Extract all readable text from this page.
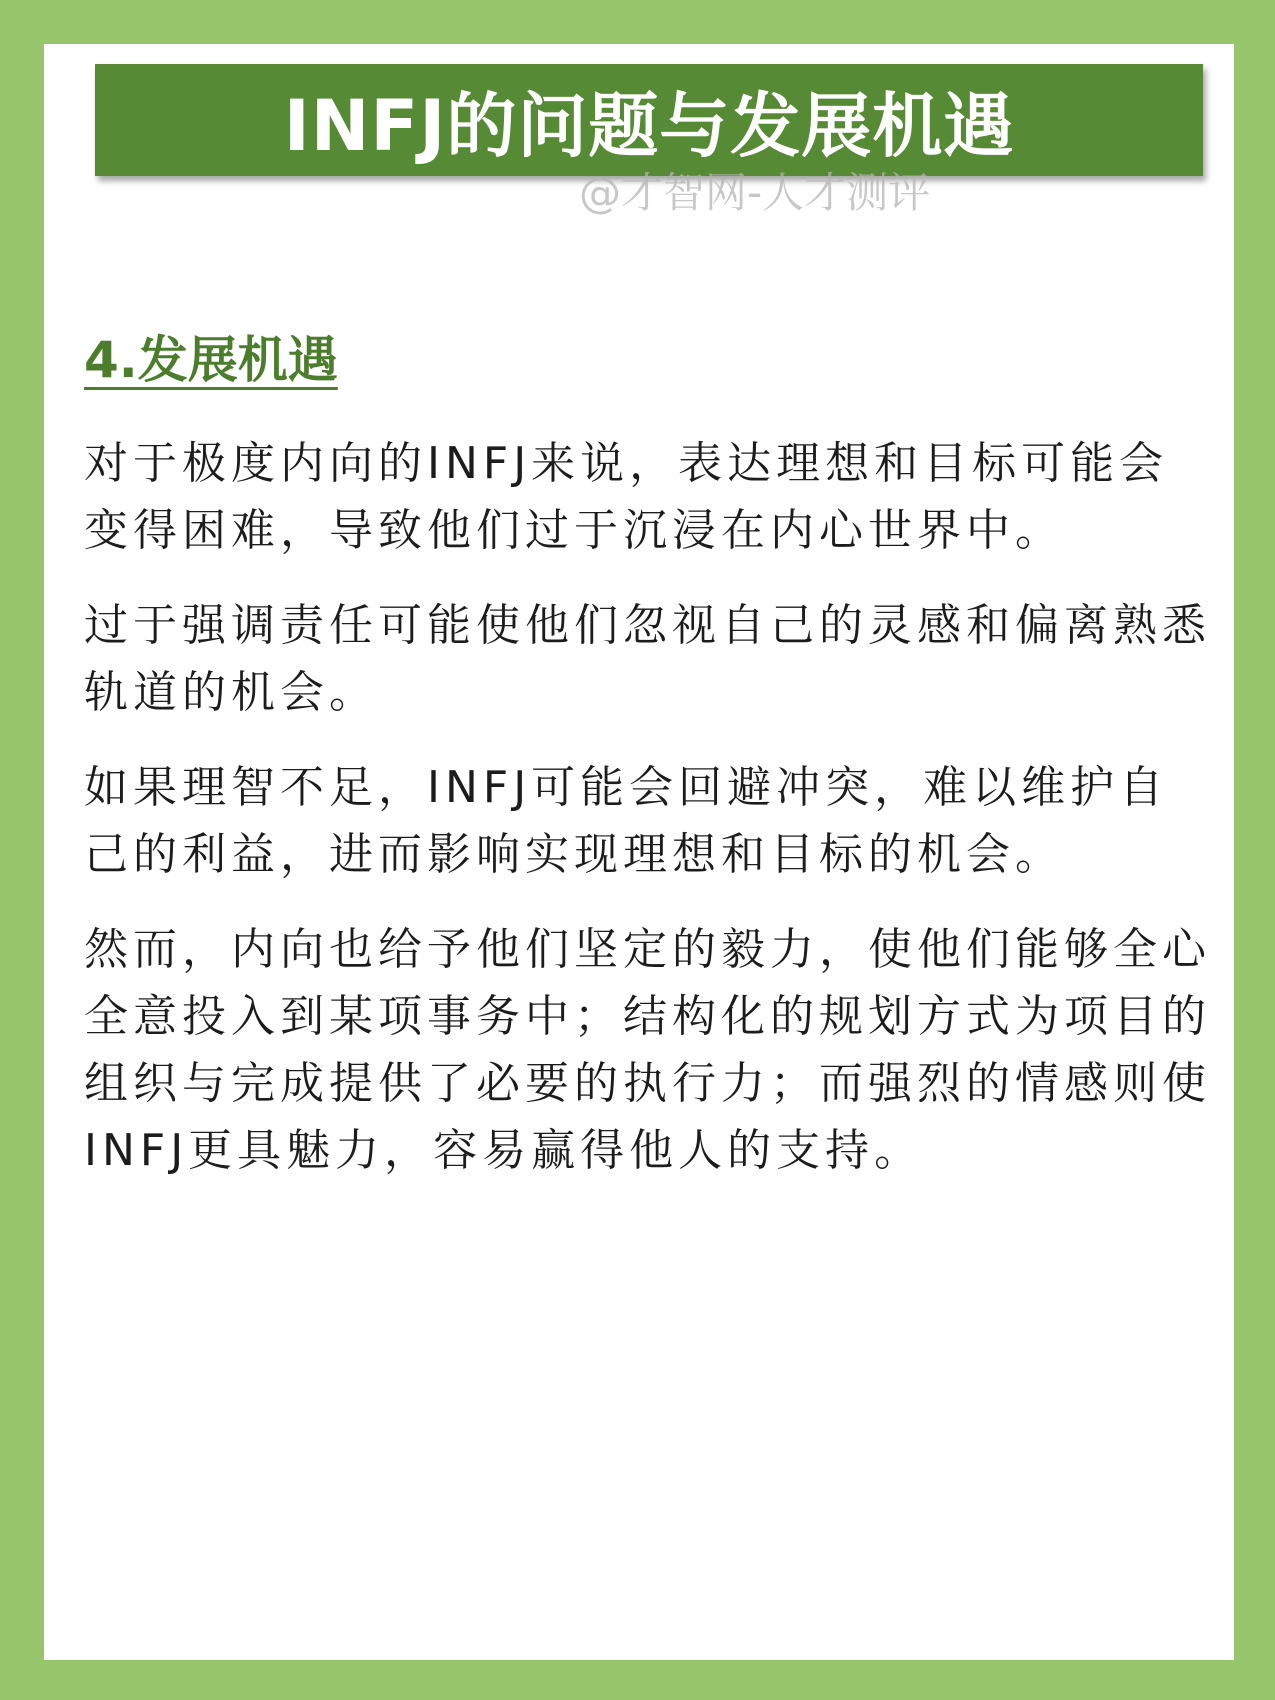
INFJ的问题与发展机遇
@才智网-人才测评
4.发展机遇

对于极度内向的INFJ来说，表达理想和目标可能会变得困难，导致他们过于沉浸在内心世界中。

过于强调责任可能使他们忽视自己的灵感和偏离熟悉轨道的机会。

如果理智不足，INFJ可能会回避冲突，难以维护自己的利益，进而影响实现理想和目标的机会。

然而，内向也给予他们坚定的毅力，使他们能够全心全意投入到某项事务中；结构化的规划方式为项目的组织与完成提供了必要的执行力；而强烈的情感则使INFJ更具魅力，容易赢得他人的支持。
